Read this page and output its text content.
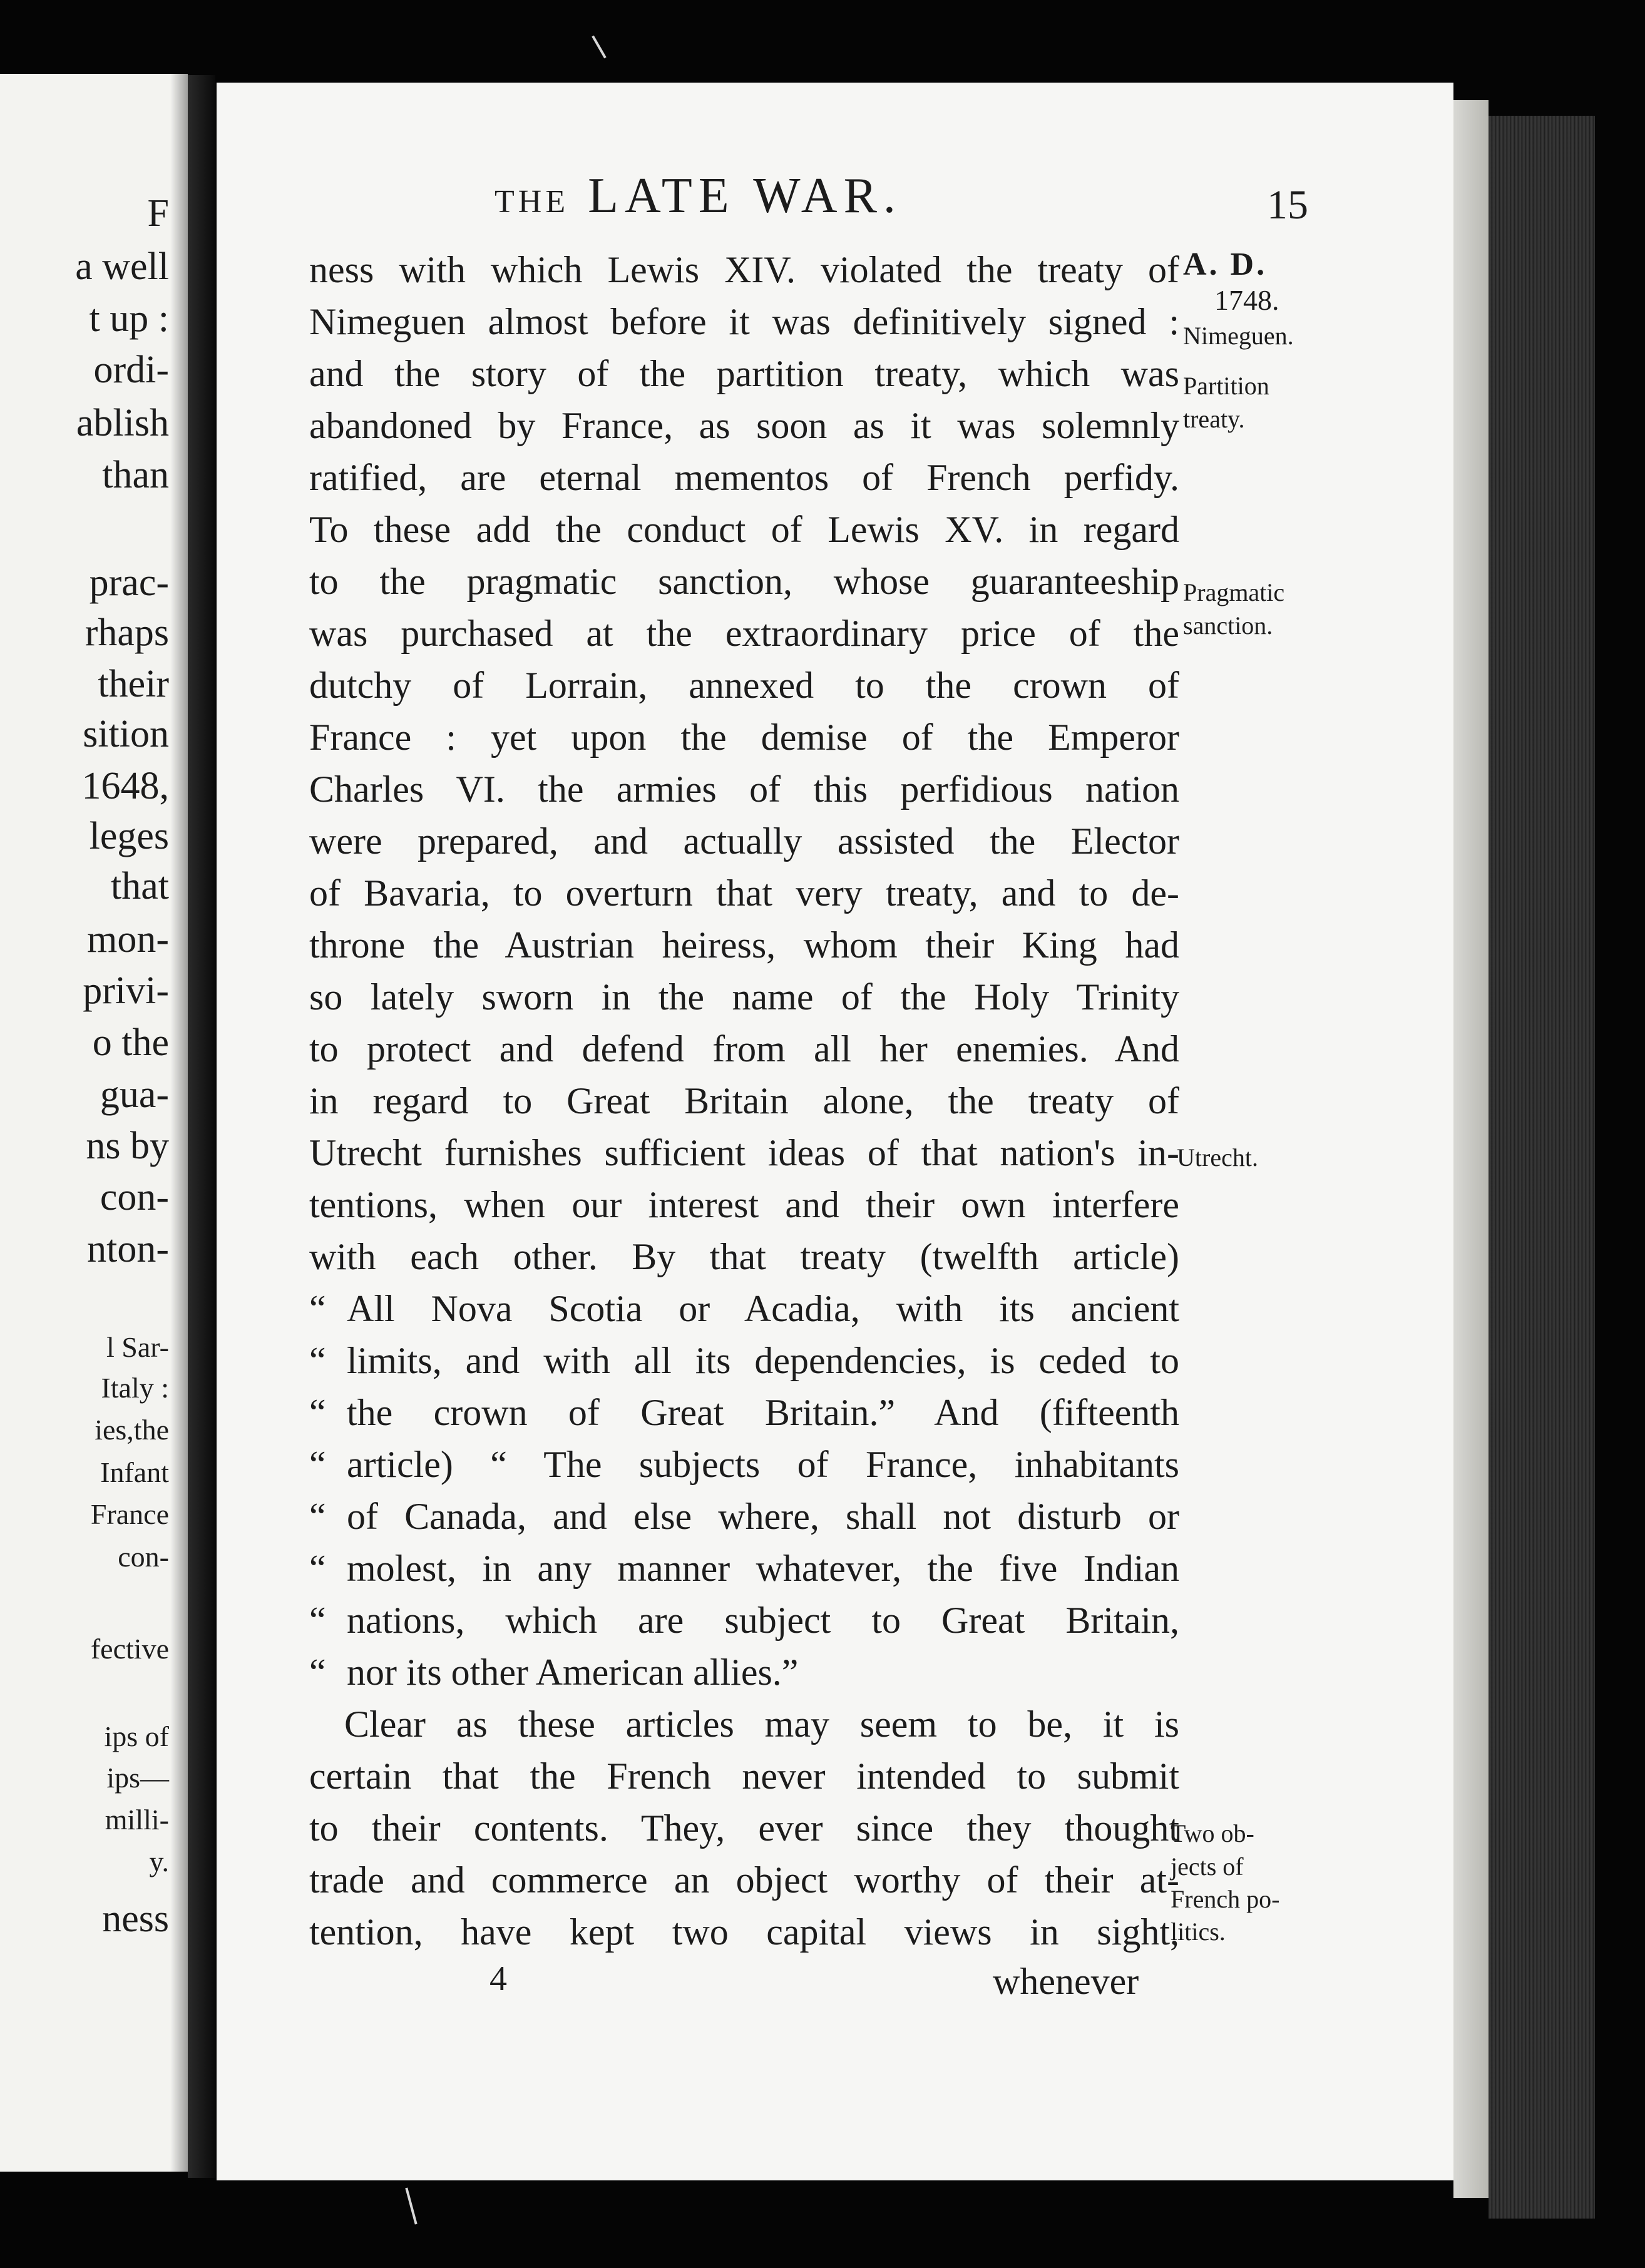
F
a well
t up :
ordi-
ablish
than
prac-
rhaps
their
sition
1648,
leges
that
mon-
privi-
o the
gua-
ns by
con-
nton-
l Sar-
Italy :
ies,the
Infant
France
con-
fective
ips of
ips—
milli-
y.
ness
THE LATE WAR.	15
ness with which Lewis XIV. violated the treaty of
Nimeguen almost before it was definitively signed :
and the story of the partition treaty, which was
abandoned by France, as soon as it was solemnly
ratified, are eternal mementos of French perfidy.
To these add the conduct of Lewis XV. in regard
to the pragmatic sanction, whose guaranteeship
was purchased at the extraordinary price of the
dutchy of Lorrain, annexed to the crown of
France : yet upon the demise of the Emperor
Charles VI. the armies of this perfidious nation
were prepared, and actually assisted the Elector
of Bavaria, to overturn that very treaty, and to de-
throne the Austrian heiress, whom their King had
so lately sworn in the name of the Holy Trinity
to protect and defend from all her enemies. And
in regard to Great Britain alone, the treaty of
Utrecht furnishes sufficient ideas of that nation's in-
tentions, when our interest and their own interfere
with each other. By that treaty (twelfth article)
“ All Nova Scotia or Acadia, with its ancient
“ limits, and with all its dependencies, is ceded to
“ the crown of Great Britain.” And (fifteenth
“ article) “ The subjects of France, inhabitants
“ of Canada, and else where, shall not disturb or
“ molest, in any manner whatever, the five Indian
“ nations, which are subject to Great Britain,
“ nor its other American allies.”
Clear as these articles may seem to be, it is
certain that the French never intended to submit
to their contents. They, ever since they thought
trade and commerce an object worthy of their at-
tention, have kept two capital views in sight,
A. D.
1748.
Nimeguen.
Partition
treaty.
Pragmatic
sanction.
Utrecht.
Two ob-
jects of
French po-
litics.
4	whenever
